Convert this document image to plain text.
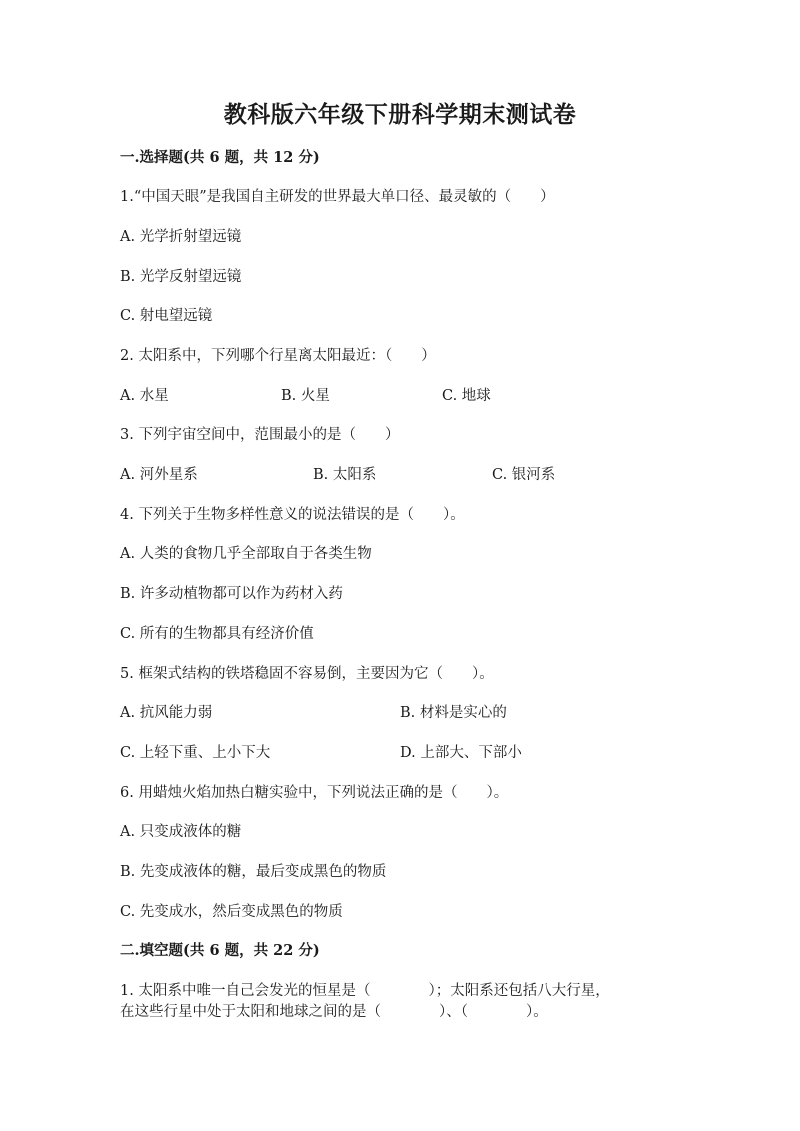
教科版六年级下册科学期末测试卷
一.选择题(共 6 题，共 12 分)
1.“中国天眼”是我国自主研发的世界最大单口径、最灵敏的（　　）
A. 光学折射望远镜
B. 光学反射望远镜
C. 射电望远镜
2. 太阳系中，下列哪个行星离太阳最近：（　　）
A. 水星	B. 火星	C. 地球
3. 下列宇宙空间中，范围最小的是（　　）
A. 河外星系	B. 太阳系	C. 银河系
4. 下列关于生物多样性意义的说法错误的是（　　）。
A. 人类的食物几乎全部取自于各类生物
B. 许多动植物都可以作为药材入药
C. 所有的生物都具有经济价值
5. 框架式结构的铁塔稳固不容易倒，主要因为它（　　）。
A. 抗风能力弱	B. 材料是实心的
C. 上轻下重、上小下大	D. 上部大、下部小
6. 用蜡烛火焰加热白糖实验中，下列说法正确的是（　　）。
A. 只变成液体的糖
B. 先变成液体的糖，最后变成黑色的物质
C. 先变成水，然后变成黑色的物质
二.填空题(共 6 题，共 22 分)
1. 太阳系中唯一自己会发光的恒星是（　　　　）；太阳系还包括八大行星，
在这些行星中处于太阳和地球之间的是（　　　　）、（　　　　）。
